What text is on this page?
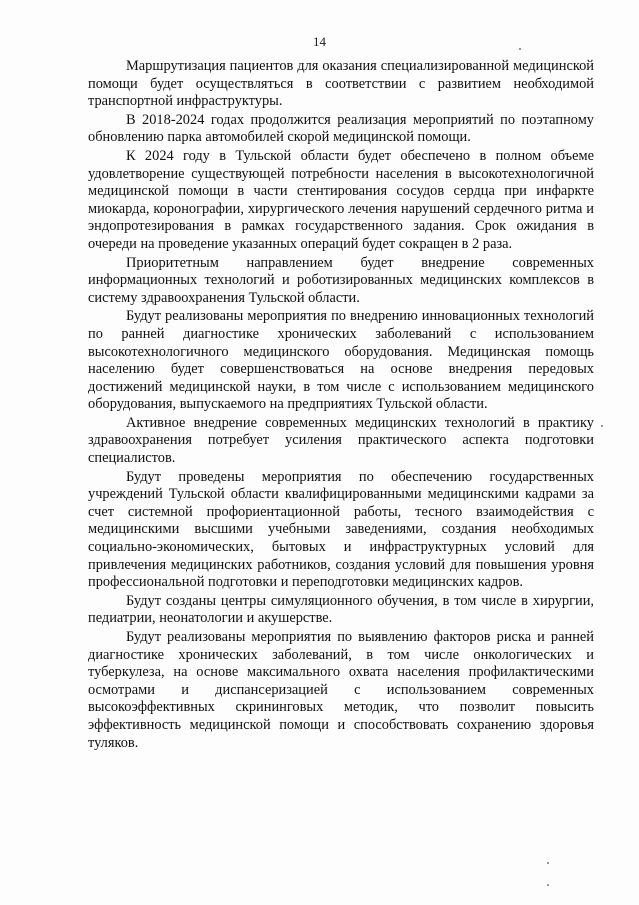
14

Маршрутизация пациентов для оказания специализированной медицинской помощи будет осуществляться в соответствии с развитием необходимой транспортной инфраструктуры.

В 2018-2024 годах продолжится реализация мероприятий по поэтапному обновлению парка автомобилей скорой медицинской помощи.

К 2024 году в Тульской области будет обеспечено в полном объеме удовлетворение существующей потребности населения в высокотехнологичной медицинской помощи в части стентирования сосудов сердца при инфаркте миокарда, коронографии, хирургического лечения нарушений сердечного ритма и эндопротезирования в рамках государственного задания. Срок ожидания в очереди на проведение указанных операций будет сокращен в 2 раза.

Приоритетным направлением будет внедрение современных информационных технологий и роботизированных медицинских комплексов в систему здравоохранения Тульской области.

Будут реализованы мероприятия по внедрению инновационных технологий по ранней диагностике хронических заболеваний с использованием высокотехнологичного медицинского оборудования. Медицинская помощь населению будет совершенствоваться на основе внедрения передовых достижений медицинской науки, в том числе с использованием медицинского оборудования, выпускаемого на предприятиях Тульской области.

Активное внедрение современных медицинских технологий в практику здравоохранения потребует усиления практического аспекта подготовки специалистов.

Будут проведены мероприятия по обеспечению государственных учреждений Тульской области квалифицированными медицинскими кадрами за счет системной профориентационной работы, тесного взаимодействия с медицинскими высшими учебными заведениями, создания необходимых социально-экономических, бытовых и инфраструктурных условий для привлечения медицинских работников, создания условий для повышения уровня профессиональной подготовки и переподготовки медицинских кадров.

Будут созданы центры симуляционного обучения, в том числе в хирургии, педиатрии, неонатологии и акушерстве.

Будут реализованы мероприятия по выявлению факторов риска и ранней диагностике хронических заболеваний, в том числе онкологических и туберкулеза, на основе максимального охвата населения профилактическими осмотрами и диспансеризацией с использованием современных высокоэффективных скрининговых методик, что позволит повысить эффективность медицинской помощи и способствовать сохранению здоровья туляков.
